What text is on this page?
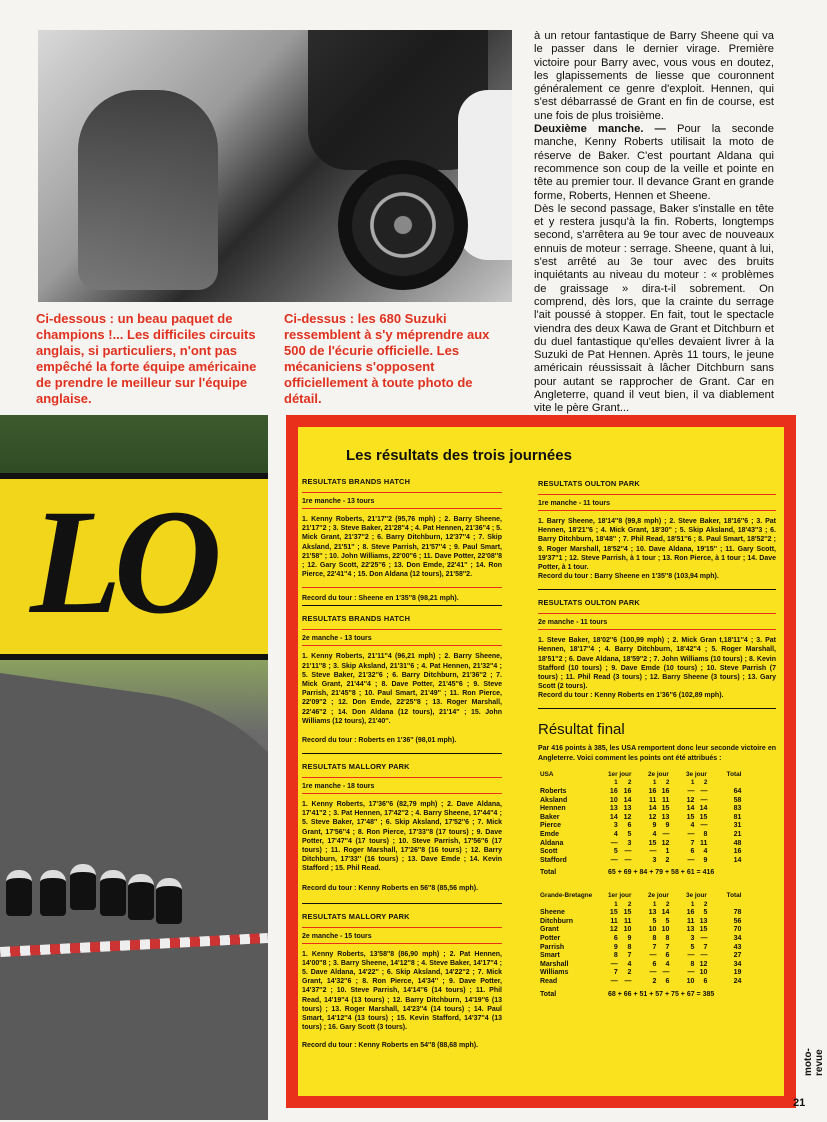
Ci-dessous : un beau paquet de champions !... Les difficiles circuits anglais, si particuliers, n'ont pas empêché la forte équipe américaine de prendre le meilleur sur l'équipe anglaise.
Ci-dessus : les 680 Suzuki ressemblent à s'y méprendre aux 500 de l'écurie officielle. Les mécaniciens s'opposent officiellement à toute photo de détail.

à un retour fantastique de Barry Sheene qui va le passer dans le dernier virage. Première victoire pour Barry avec, vous vous en doutez, les glapissements de liesse que couronnent généralement ce genre d'exploit. Hennen, qui s'est débarrassé de Grant en fin de course, est une fois de plus troisième.

Deuxième manche. — Pour la seconde manche, Kenny Roberts utilisait la moto de réserve de Baker. C'est pourtant Aldana qui recommence son coup de la veille et pointe en tête au premier tour. Il devance Grant en grande forme, Roberts, Hennen et Sheene.

Dès le second passage, Baker s'installe en tête et y restera jusqu'à la fin. Roberts, longtemps second, s'arrêtera au 9e tour avec de nouveaux ennuis de moteur : serrage. Sheene, quant à lui, s'est arrêté au 3e tour avec des bruits inquiétants au niveau du moteur : « problèmes de graissage » dira-t-il sobrement. On comprend, dès lors, que la crainte du serrage l'ait poussé à stopper. En fait, tout le spectacle viendra des deux Kawa de Grant et Ditchburn et du duel fantastique qu'elles devaient livrer à la Suzuki de Pat Hennen. Après 11 tours, le jeune américain réussissait à lâcher Ditchburn sans pour autant se rapprocher de Grant. Car en Angleterre, quand il veut bien, il va diablement vite le père Grant...

LO
Les résultats des trois journées
RESULTATS BRANDS HATCH
1re manche - 13 tours
1. Kenny Roberts, 21'17''2 (95,76 mph) ; 2. Barry Sheene, 21'17''2 ; 3. Steve Baker, 21'28''4 ; 4. Pat Hennen, 21'36''4 ; 5. Mick Grant, 21'37''2 ; 6. Barry Ditchburn, 12'37''4 ; 7. Skip Aksland, 21'51'' ; 8. Steve Parrish, 21'57''4 ; 9. Paul Smart, 21'58'' ; 10. John Williams, 22'00''6 ; 11. Dave Potter, 22'08''8 ; 12. Gary Scott, 22'25''6 ; 13. Don Emde, 22'41'' ; 14. Ron Pierce, 22'41''4 ; 15. Don Aldana (12 tours), 21'58''2.
Record du tour : Sheene en 1'35''8 (98,21 mph).
RESULTATS BRANDS HATCH
2e manche - 13 tours
1. Kenny Roberts, 21'11''4 (96,21 mph) ; 2. Barry Sheene, 21'11''8 ; 3. Skip Aksland, 21'31''6 ; 4. Pat Hennen, 21'32''4 ; 5. Steve Baker, 21'32''6 ; 6. Barry Ditchburn, 21'36''2 ; 7. Mick Grant, 21'44''4 ; 8. Dave Potter, 21'45''6 ; 9. Steve Parrish, 21'45''8 ; 10. Paul Smart, 21'49'' ; 11. Ron Pierce, 22'09''2 ; 12. Don Emde, 22'25''8 ; 13. Roger Marshall, 22'46''2 ; 14. Don Aldana (12 tours), 21'14'' ; 15. John Williams (12 tours), 21'40''.
Record du tour : Roberts en 1'36'' (98,01 mph).
RESULTATS MALLORY PARK
1re manche - 18 tours
1. Kenny Roberts, 17'36''6 (82,79 mph) ; 2. Dave Aldana, 17'41''2 ; 3. Pat Hennen, 17'42''2 ; 4. Barry Sheene, 17'44''4 ; 5. Steve Baker, 17'48'' ; 6. Skip Aksland, 17'52''6 ; 7. Mick Grant, 17'56''4 ; 8. Ron Pierce, 17'33''8 (17 tours) ; 9. Dave Potter, 17'47''4 (17 tours) ; 10. Steve Parrish, 17'56''6 (17 tours) ; 11. Roger Marshall, 17'26''8 (16 tours) ; 12. Barry Ditchburn, 17'33'' (16 tours) ; 13. Dave Emde ; 14. Kevin Stafford ; 15. Phil Read.
Record du tour : Kenny Roberts en 56''8 (85,56 mph).
RESULTATS MALLORY PARK
2e manche - 15 tours
1. Kenny Roberts, 13'58''8 (86,90 mph) ; 2. Pat Hennen, 14'00''8 ; 3. Barry Sheene, 14'12''8 ; 4. Steve Baker, 14'17''4 ; 5. Dave Aldana, 14'22'' ; 6. Skip Aksland, 14'22''2 ; 7. Mick Grant, 14'32''6 ; 8. Ron Pierce, 14'34'' ; 9. Dave Potter, 14'37''2 ; 10. Steve Parrish, 14'14''6 (14 tours) ; 11. Phil Read, 14'19''4 (13 tours) ; 12. Barry Ditchburn, 14'19''6 (13 tours) ; 13. Roger Marshall, 14'23''4 (14 tours) ; 14. Paul Smart, 14'12''4 (13 tours) ; 15. Kevin Stafford, 14'37''4 (13 tours) ; 16. Gary Scott (3 tours).
Record du tour : Kenny Roberts en 54''8 (88,68 mph).
RESULTATS OULTON PARK
1re manche - 11 tours
1. Barry Sheene, 18'14''8 (99,8 mph) ; 2. Steve Baker, 18'16''6 ; 3. Pat Hennen, 18'21''6 ; 4. Mick Grant, 18'30'' ; 5. Skip Aksland, 18'43''3 ; 6. Barry Ditchburn, 18'48'' ; 7. Phil Read, 18'51''6 ; 8. Paul Smart, 18'52''2 ; 9. Roger Marshall, 18'52''4 ; 10. Dave Aldana, 19'15'' ; 11. Gary Scott, 19'37''1 ; 12. Steve Parrish, à 1 tour ; 13. Ron Pierce, à 1 tour ; 14. Dave Potter, à 1 tour.
Record du tour : Barry Sheene en 1'35''8 (103,94 mph).
RESULTATS OULTON PARK
2e manche - 11 tours
1. Steve Baker, 18'02''6 (100,99 mph) ; 2. Mick Gran t,18'11''4 ; 3. Pat Hennen, 18'17''4 ; 4. Barry Ditchburn, 18'42''4 ; 5. Roger Marshall, 18'51''2 ; 6. Dave Aldana, 18'59''2 ; 7. John Williams (10 tours) ; 8. Kevin Stafford (10 tours) ; 9. Dave Emde (10 tours) ; 10. Steve Parrish (7 tours) ; 11. Phil Read (3 tours) ; 12. Barry Sheene (3 tours) ; 13. Gary Scott (2 tours).
Record du tour : Kenny Roberts en 1'36''6 (102,89 mph).
Résultat final
Par 416 points à 385, les USA remportent donc leur seconde victoire en Angleterre. Voici comment les points ont été attribués :
USA	1er jour			2e jour			3e jour		Total
	1	2		1	2		1	2	
Roberts	16	16		16	16		—	—	64
Aksland	10	14		11	11		12	—	58
Hennen	13	13		14	15		14	14	83
Baker	14	12		12	13		15	15	81
Pierce	3	6		9	9		4	—	31
Emde	4	5		4	—		—	8	21
Aldana	—	3		15	12		7	11	48
Scott	5	—		—	1		6	4	16
Stafford	—	—		3	2		—	9	14

Total	65 + 69 + 84 + 79 + 58 + 61 = 416								
Grande-Bretagne	1er jour			2e jour			3e jour		Total
	1	2		1	2		1	2	
Sheene	15	15		13	14		16	5	78
Ditchburn	11	11		5	5		11	13	56
Grant	12	10		10	10		13	15	70
Potter	6	9		8	8		3	—	34
Parrish	9	8		7	7		5	7	43
Smart	8	7		—	6		—	—	27
Marshall	—	4		6	4		8	12	34
Williams	7	2		—	—		—	10	19
Read	—	—		2	6		10	6	24

Total	68 + 66 + 51 + 57 + 75 + 67 = 385								
moto-revue
21
